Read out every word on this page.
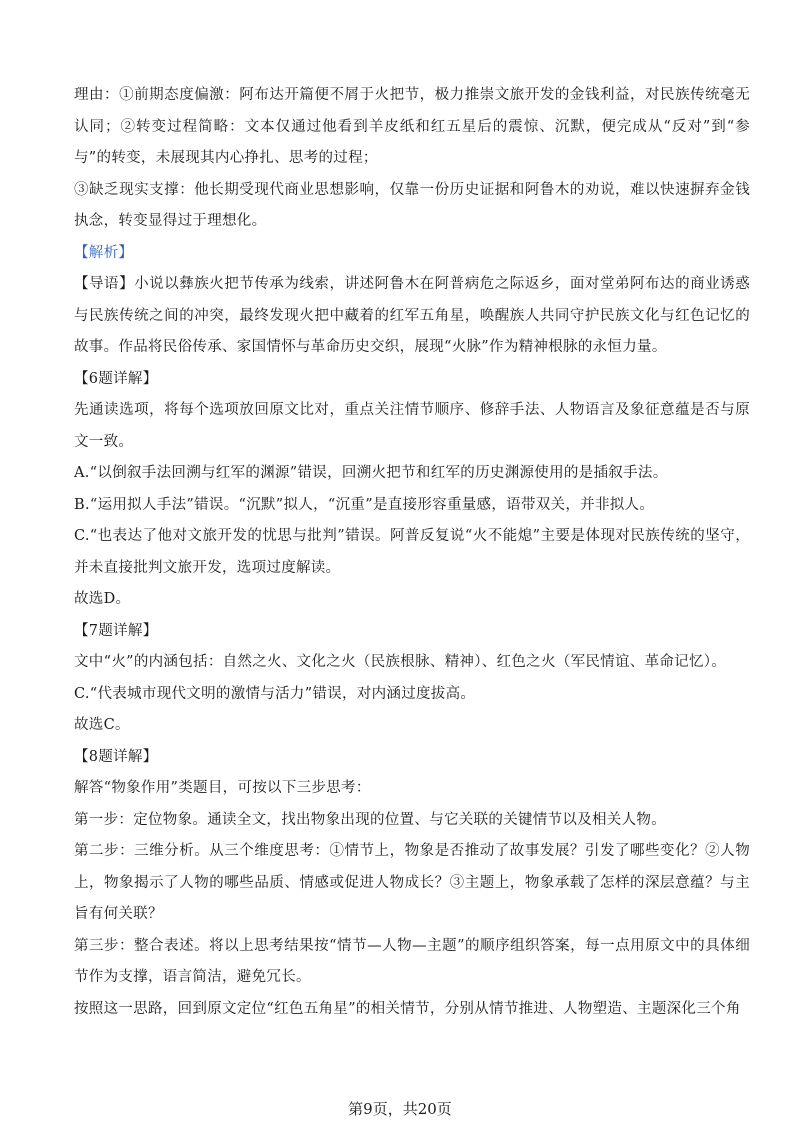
理由：①前期态度偏激：阿布达开篇便不屑于火把节，极力推崇文旅开发的金钱利益，对民族传统毫无认同；②转变过程简略：文本仅通过他看到羊皮纸和红五星后的震惊、沉默，便完成从“反对”到“参与”的转变，未展现其内心挣扎、思考的过程；

③缺乏现实支撑：他长期受现代商业思想影响，仅靠一份历史证据和阿鲁木的劝说，难以快速摒弃金钱执念，转变显得过于理想化。

【解析】

【导语】小说以彝族火把节传承为线索，讲述阿鲁木在阿普病危之际返乡，面对堂弟阿布达的商业诱惑与民族传统之间的冲突，最终发现火把中藏着的红军五角星，唤醒族人共同守护民族文化与红色记忆的故事。作品将民俗传承、家国情怀与革命历史交织，展现“火脉”作为精神根脉的永恒力量。

【6题详解】

先通读选项，将每个选项放回原文比对，重点关注情节顺序、修辞手法、人物语言及象征意蕴是否与原文一致。

A.“以倒叙手法回溯与红军的渊源”错误，回溯火把节和红军的历史渊源使用的是插叙手法。

B.“运用拟人手法”错误。“沉默”拟人，“沉重”是直接形容重量感，语带双关，并非拟人。

C.“也表达了他对文旅开发的忧思与批判”错误。阿普反复说“火不能熄”主要是体现对民族传统的坚守，并未直接批判文旅开发，选项过度解读。

故选D。

【7题详解】

文中“火”的内涵包括：自然之火、文化之火（民族根脉、精神）、红色之火（军民情谊、革命记忆）。

C.“代表城市现代文明的激情与活力”错误，对内涵过度拔高。

故选C。

【8题详解】

解答“物象作用”类题目，可按以下三步思考：

第一步：定位物象。通读全文，找出物象出现的位置、与它关联的关键情节以及相关人物。

第二步：三维分析。从三个维度思考：①情节上，物象是否推动了故事发展？引发了哪些变化？②人物上，物象揭示了人物的哪些品质、情感或促进人物成长？③主题上，物象承载了怎样的深层意蕴？与主旨有何关联？

第三步：整合表述。将以上思考结果按“情节—人物—主题”的顺序组织答案，每一点用原文中的具体细节作为支撑，语言简洁，避免冗长。

按照这一思路，回到原文定位“红色五角星”的相关情节，分别从情节推进、人物塑造、主题深化三个角

第9页，共20页
